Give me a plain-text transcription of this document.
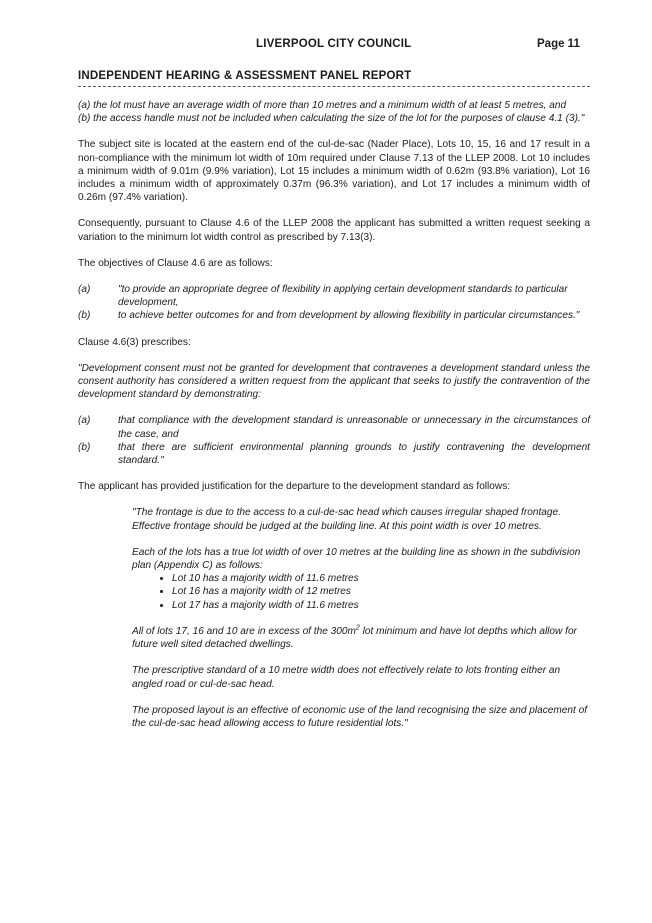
LIVERPOOL CITY COUNCIL	Page 11
INDEPENDENT HEARING & ASSESSMENT PANEL REPORT

(a) the lot must have an average width of more than 10 metres and a minimum width of at least 5 metres, and

(b) the access handle must not be included when calculating the size of the lot for the purposes of clause 4.1 (3)."

The subject site is located at the eastern end of the cul-de-sac (Nader Place), Lots 10, 15, 16 and 17 result in a non-compliance with the minimum lot width of 10m required under Clause 7.13 of the LLEP 2008. Lot 10 includes a minimum width of 9.01m (9.9% variation), Lot 15 includes a minimum width of 0.62m (93.8% variation), Lot 16 includes a minimum width of approximately 0.37m (96.3% variation), and Lot 17 includes a minimum width of 0.26m (97.4% variation).

Consequently, pursuant to Clause 4.6 of the LLEP 2008 the applicant has submitted a written request seeking a variation to the minimum lot width control as prescribed by 7.13(3).

The objectives of Clause 4.6 are as follows:

(a)	"to provide an appropriate degree of flexibility in applying certain development standards to particular development,
(b)	to achieve better outcomes for and from development by allowing flexibility in particular circumstances."

Clause 4.6(3) prescribes:

"Development consent must not be granted for development that contravenes a development standard unless the consent authority has considered a written request from the applicant that seeks to justify the contravention of the development standard by demonstrating:

(a)	that compliance with the development standard is unreasonable or unnecessary in the circumstances of the case, and
(b)	that there are sufficient environmental planning grounds to justify contravening the development standard."

The applicant has provided justification for the departure to the development standard as follows:

"The frontage is due to the access to a cul-de-sac head which causes irregular shaped frontage. Effective frontage should be judged at the building line. At this point width is over 10 metres.

Each of the lots has a true lot width of over 10 metres at the building line as shown in the subdivision plan (Appendix C) as follows:

• Lot 10 has a majority width of 11.6 metres
• Lot 16 has a majority width of 12 metres
• Lot 17 has a majority width of 11.6 metres

All of lots 17, 16 and 10 are in excess of the $300m^2$ lot minimum and have lot depths which allow for future well sited detached dwellings.

The prescriptive standard of a 10 metre width does not effectively relate to lots fronting either an angled road or cul-de-sac head.

The proposed layout is an effective of economic use of the land recognising the size and placement of the cul-de-sac head allowing access to future residential lots."
